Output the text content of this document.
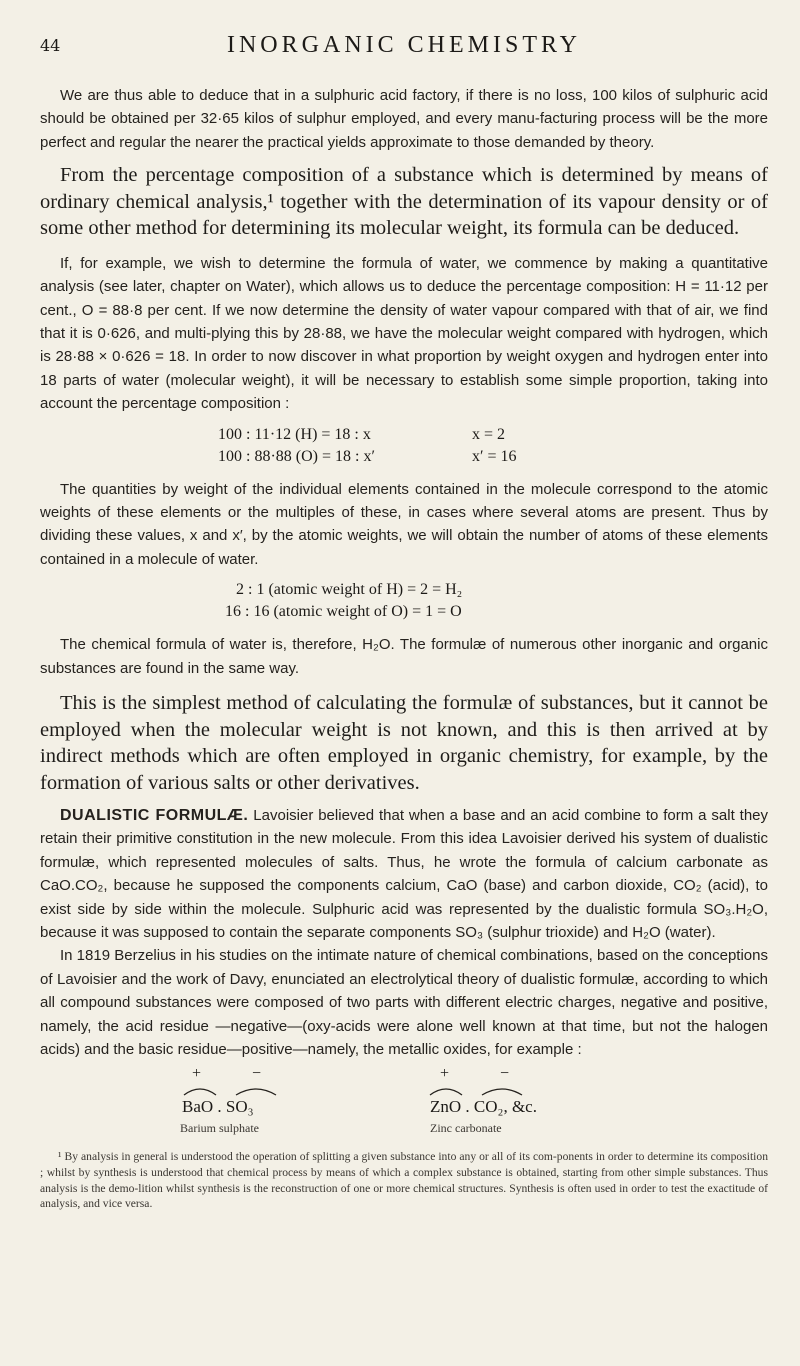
44	INORGANIC CHEMISTRY

We are thus able to deduce that in a sulphuric acid factory, if there is no loss, 100 kilos of sulphuric acid should be obtained per 32·65 kilos of sulphur employed, and every manu-facturing process will be the more perfect and regular the nearer the practical yields approximate to those demanded by theory.

From the percentage composition of a substance which is determined by means of ordinary chemical analysis,¹ together with the determination of its vapour density or of some other method for determining its molecular weight, its formula can be deduced.

If, for example, we wish to determine the formula of water, we commence by making a quantitative analysis (see later, chapter on Water), which allows us to deduce the percentage composition: H = 11·12 per cent., O = 88·8 per cent. If we now determine the density of water vapour compared with that of air, we find that it is 0·626, and multi-plying this by 28·88, we have the molecular weight compared with hydrogen, which is 28·88 × 0·626 = 18. In order to now discover in what proportion by weight oxygen and hydrogen enter into 18 parts of water (molecular weight), it will be necessary to establish some simple proportion, taking into account the percentage composition :

100 : 11·12 (H) = 18 : x	x = 2
100 : 88·88 (O) = 18 : x′	x′ = 16

The quantities by weight of the individual elements contained in the molecule correspond to the atomic weights of these elements or the multiples of these, in cases where several atoms are present. Thus by dividing these values, x and x′, by the atomic weights, we will obtain the number of atoms of these elements contained in a molecule of water.

2 : 1 (atomic weight of H) = 2 = H₂
16 : 16 (atomic weight of O) = 1 = O

The chemical formula of water is, therefore, H₂O. The formulæ of numerous other inorganic and organic substances are found in the same way.

This is the simplest method of calculating the formulæ of substances, but it cannot be employed when the molecular weight is not known, and this is then arrived at by indirect methods which are often employed in organic chemistry, for example, by the formation of various salts or other derivatives.

DUALISTIC FORMULÆ. Lavoisier believed that when a base and an acid combine to form a salt they retain their primitive constitution in the new molecule. From this idea Lavoisier derived his system of dualistic formulæ, which represented molecules of salts. Thus, he wrote the formula of calcium carbonate as CaO.CO₂, because he supposed the components calcium, CaO (base) and carbon dioxide, CO₂ (acid), to exist side by side within the molecule. Sulphuric acid was represented by the dualistic formula SO₃.H₂O, because it was supposed to contain the separate components SO₃ (sulphur trioxide) and H₂O (water).

In 1819 Berzelius in his studies on the intimate nature of chemical combinations, based on the conceptions of Lavoisier and the work of Davy, enunciated an electrolytical theory of dualistic formulæ, according to which all compound substances were composed of two parts with different electric charges, negative and positive, namely, the acid residue —negative—(oxy-acids were alone well known at that time, but not the halogen acids) and the basic residue—positive—namely, the metallic oxides, for example :

+	−
BaO . SO₃
Barium sulphate
+	−
ZnO . CO₂, &c.
Zinc carbonate

¹ By analysis in general is understood the operation of splitting a given substance into any or all of its com-ponents in order to determine its composition ; whilst by synthesis is understood that chemical process by means of which a complex substance is obtained, starting from other simple substances. Thus analysis is the demo-lition whilst synthesis is the reconstruction of one or more chemical structures. Synthesis is often used in order to test the exactitude of analysis, and vice versa.
